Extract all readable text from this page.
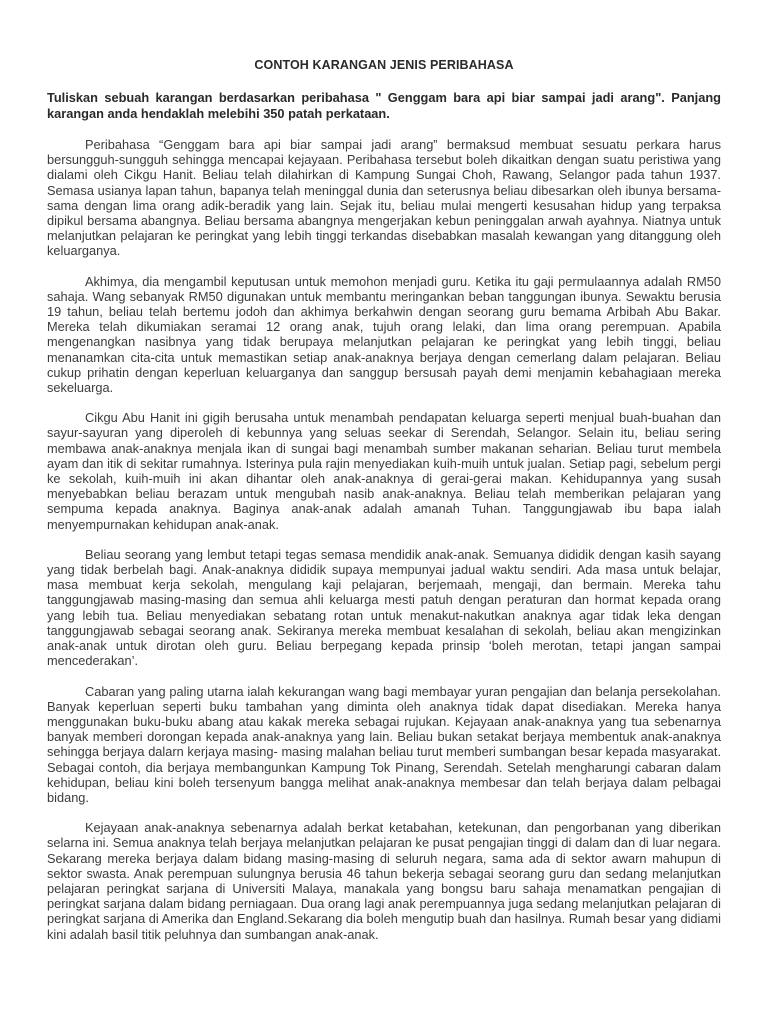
CONTOH KARANGAN JENIS PERIBAHASA
Tuliskan sebuah karangan berdasarkan peribahasa " Genggam bara api biar sampai jadi arang". Panjang karangan anda hendaklah melebihi 350 patah perkataan.

Peribahasa “Genggam bara api biar sampai jadi arang” bermaksud membuat sesuatu perkara harus bersungguh-sungguh sehingga mencapai kejayaan. Peribahasa tersebut boleh dikaitkan dengan suatu peristiwa yang dialami oleh Cikgu Hanit. Beliau telah dilahirkan di Kampung Sungai Choh, Rawang, Selangor pada tahun 1937. Semasa usianya lapan tahun, bapanya telah meninggal dunia dan seterusnya beliau dibesarkan oleh ibunya bersama-sama dengan lima orang adik-beradik yang lain. Sejak itu, beliau mulai mengerti kesusahan hidup yang terpaksa dipikul bersama abangnya. Beliau bersama abangnya mengerjakan kebun peninggalan arwah ayahnya. Niatnya untuk melanjutkan pelajaran ke peringkat yang lebih tinggi terkandas disebabkan masalah kewangan yang ditanggung oleh keluarganya.

Akhimya, dia mengambil keputusan untuk memohon menjadi guru. Ketika itu gaji permulaannya adalah RM50 sahaja. Wang sebanyak RM50 digunakan untuk membantu meringankan beban tanggungan ibunya. Sewaktu berusia 19 tahun, beliau telah bertemu jodoh dan akhimya berkahwin dengan seorang guru bemama Arbibah Abu Bakar. Mereka telah dikumiakan seramai 12 orang anak, tujuh orang lelaki, dan lima orang perempuan. Apabila mengenangkan nasibnya yang tidak berupaya melanjutkan pelajaran ke peringkat yang lebih tinggi, beliau menanamkan cita-cita untuk memastikan setiap anak-anaknya berjaya dengan cemerlang dalam pelajaran. Beliau cukup prihatin dengan keperluan keluarganya dan sanggup bersusah payah demi menjamin kebahagiaan mereka sekeluarga.

Cikgu Abu Hanit ini gigih berusaha untuk menambah pendapatan keluarga seperti menjual buah-buahan dan sayur-sayuran yang diperoleh di kebunnya yang seluas seekar di Serendah, Selangor. Selain itu, beliau sering membawa anak-anaknya menjala ikan di sungai bagi menambah sumber makanan seharian. Beliau turut membela ayam dan itik di sekitar rumahnya. Isterinya pula rajin menyediakan kuih-muih untuk jualan. Setiap pagi, sebelum pergi ke sekolah, kuih-muih ini akan dihantar oleh anak-anaknya di gerai-gerai makan. Kehidupannya yang susah menyebabkan beliau berazam untuk mengubah nasib anak-anaknya. Beliau telah memberikan pelajaran yang sempuma kepada anaknya. Baginya anak-anak adalah amanah Tuhan. Tanggungjawab ibu bapa ialah menyempurnakan kehidupan anak-anak.

Beliau seorang yang lembut tetapi tegas semasa mendidik anak-anak. Semuanya dididik dengan kasih sayang yang tidak berbelah bagi. Anak-anaknya dididik supaya mempunyai jadual waktu sendiri. Ada masa untuk belajar, masa membuat kerja sekolah, mengulang kaji pelajaran, berjemaah, mengaji, dan bermain. Mereka tahu tanggungjawab masing-masing dan semua ahli keluarga mesti patuh dengan peraturan dan hormat kepada orang yang lebih tua. Beliau menyediakan sebatang rotan untuk menakut-nakutkan anaknya agar tidak leka dengan tanggungjawab sebagai seorang anak. Sekiranya mereka membuat kesalahan di sekolah, beliau akan mengizinkan anak-anak untuk dirotan oleh guru. Beliau berpegang kepada prinsip ‘boleh merotan, tetapi jangan sampai mencederakan’.

Cabaran yang paling utarna ialah kekurangan wang bagi membayar yuran pengajian dan belanja persekolahan. Banyak keperluan seperti buku tambahan yang diminta oleh anaknya tidak dapat disediakan. Mereka hanya menggunakan buku-buku abang atau kakak mereka sebagai rujukan. Kejayaan anak-anaknya yang tua sebenarnya banyak memberi dorongan kepada anak-anaknya yang lain. Beliau bukan setakat berjaya membentuk anak-anaknya sehingga berjaya dalarn kerjaya masing- masing malahan beliau turut memberi sumbangan besar kepada masyarakat. Sebagai contoh, dia berjaya membangunkan Kampung Tok Pinang, Serendah. Setelah mengharungi cabaran dalam kehidupan, beliau kini boleh tersenyum bangga melihat anak-anaknya membesar dan telah berjaya dalam pelbagai bidang.

Kejayaan anak-anaknya sebenarnya adalah berkat ketabahan, ketekunan, dan pengorbanan yang diberikan selarna ini. Semua anaknya telah berjaya melanjutkan pelajaran ke pusat pengajian tinggi di dalam dan di luar negara. Sekarang mereka berjaya dalam bidang masing-masing di seluruh negara, sama ada di sektor awarn mahupun di sektor swasta. Anak perempuan sulungnya berusia 46 tahun bekerja sebagai seorang guru dan sedang melanjutkan pelajaran peringkat sarjana di Universiti Malaya, manakala yang bongsu baru sahaja menamatkan pengajian di peringkat sarjana dalam bidang perniagaan. Dua orang lagi anak perempuannya juga sedang melanjutkan pelajaran di peringkat sarjana di Amerika dan England.Sekarang dia boleh mengutip buah dan hasilnya. Rumah besar yang didiami kini adalah basil titik peluhnya dan sumbangan anak-anak.
